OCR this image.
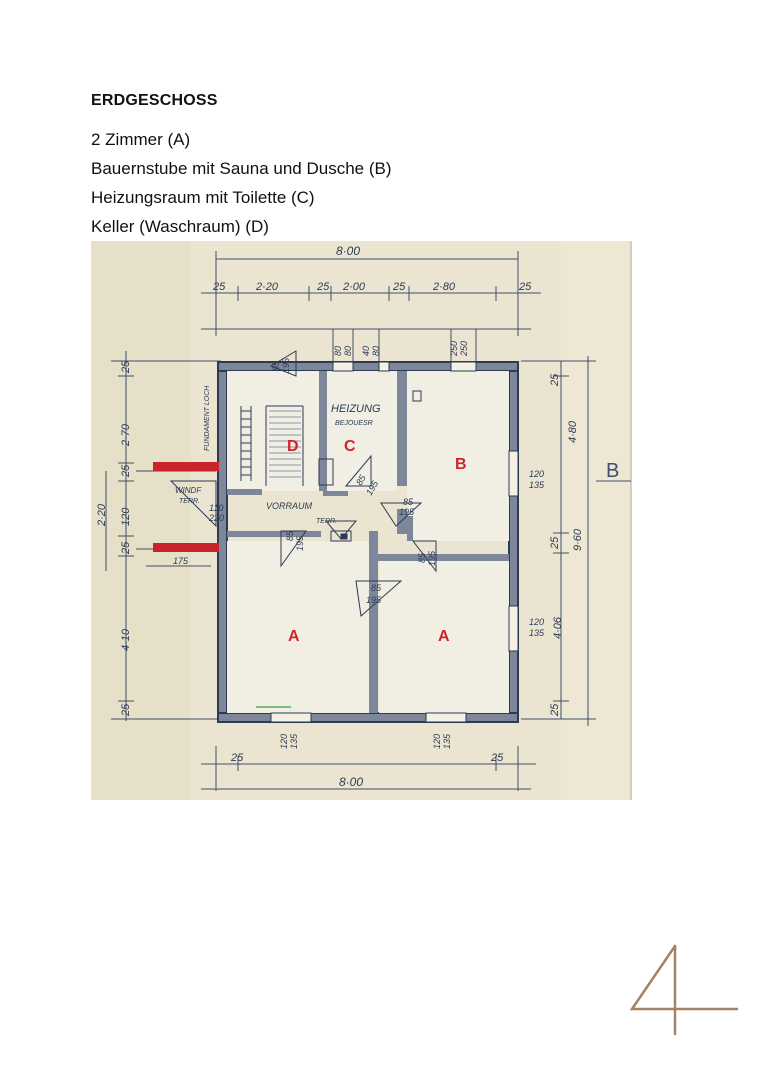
ERDGESCHOSS
2 Zimmer (A)
Bauernstube mit Sauna und Dusche (B)
Heizungsraum mit Toilette (C)
Keller (Waschraum) (D)
B
8·00
25	2·20	25 2·00	25	2·80	25
8·00
25	25
4·80
9·60
4·06
25
25
25
2·20
2·70
120
4·10
25
25
25
25
80 80 40 80	250 250
120
135
120
135
120 135	120 135
85 195
85
195
85
195
85
195
85 195
110
220
85 195
175
HEIZUNG
BEJOUESR
VORRAUM
TERR.
WINDF
TERR.
FUNDAMENT LOCH	D	C
B
A	A
